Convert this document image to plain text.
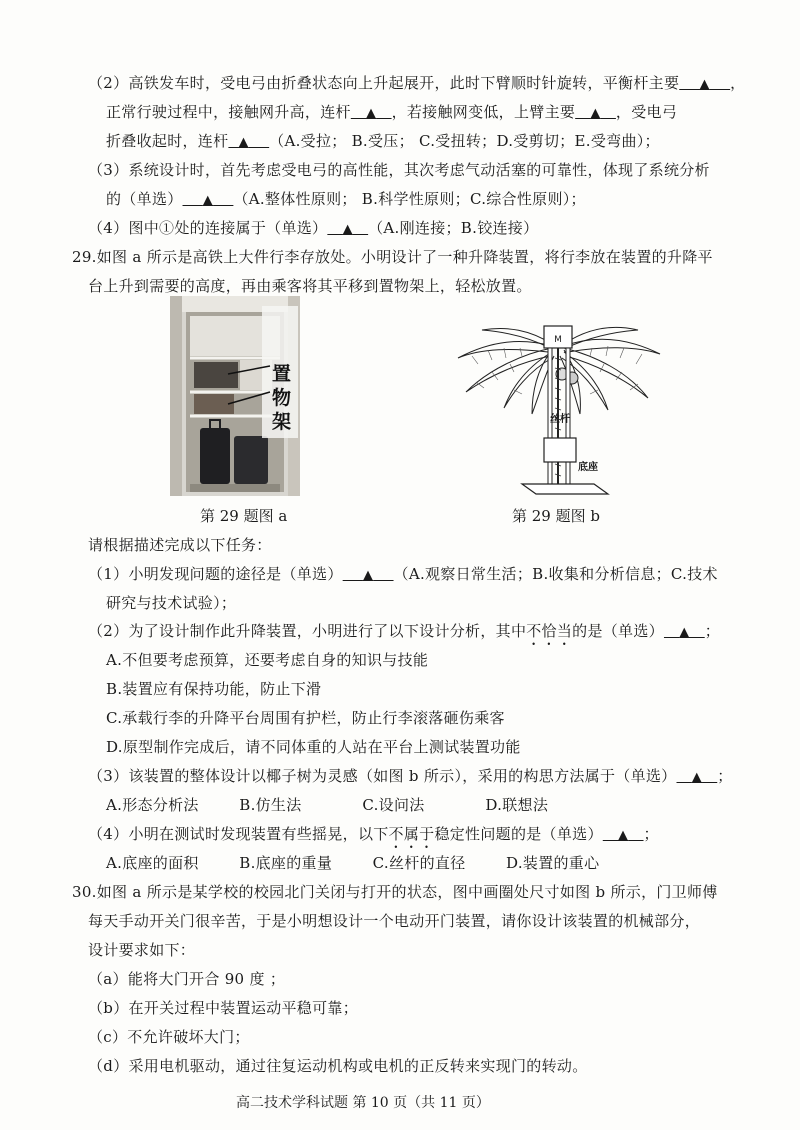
（2）高铁发车时，受电弓由折叠状态向上升起展开，此时下臂顺时针旋转，平衡杆主要 ▲ ，
正常行驶过程中，接触网升高，连杆 ▲ ，若接触网变低，上臂主要 ▲ ，受电弓
折叠收起时，连杆 ▲ （A.受拉； B.受压； C.受扭转；D.受剪切；E.受弯曲）；
（3）系统设计时，首先考虑受电弓的高性能，其次考虑气动活塞的可靠性，体现了系统分析
的（单选） ▲ （A.整体性原则； B.科学性原则；C.综合性原则）；
（4）图中①处的连接属于（单选） ▲ （A.刚连接；B.铰连接）
29.如图 a 所示是高铁上大件行李存放处。小明设计了一种升降装置，将行李放在装置的升降平
台上升到需要的高度，再由乘客将其平移到置物架上，轻松放置。
置
物
架
第 29 题图 a
M
丝杆
底座
第 29 题图 b
请根据描述完成以下任务：
（1）小明发现问题的途径是（单选） ▲ （A.观察日常生活；B.收集和分析信息；C.技术
研究与技术试验）；
（2）为了设计制作此升降装置，小明进行了以下设计分析，其中不恰当的是（单选） ▲ ；
A.不但要考虑预算，还要考虑自身的知识与技能
B.装置应有保持功能，防止下滑
C.承载行李的升降平台周围有护栏，防止行李滚落砸伤乘客
D.原型制作完成后，请不同体重的人站在平台上测试装置功能
（3）该装置的整体设计以椰子树为灵感（如图 b 所示），采用的构思方法属于（单选） ▲ ；
A.形态分析法        B.仿生法            C.设问法            D.联想法
（4）小明在测试时发现装置有些摇晃，以下不属于稳定性问题的是（单选） ▲ ；
A.底座的面积        B.底座的重量        C.丝杆的直径        D.装置的重心
30.如图 a 所示是某学校的校园北门关闭与打开的状态，图中画圈处尺寸如图 b 所示，门卫师傅
每天手动开关门很辛苦，于是小明想设计一个电动开门装置，请你设计该装置的机械部分，
设计要求如下：
（a）能将大门开合 90 度 ；
（b）在开关过程中装置运动平稳可靠；
（c）不允许破坏大门；
（d）采用电机驱动，通过往复运动机构或电机的正反转来实现门的转动。
高二技术学科试题 第 10 页（共 11 页）
